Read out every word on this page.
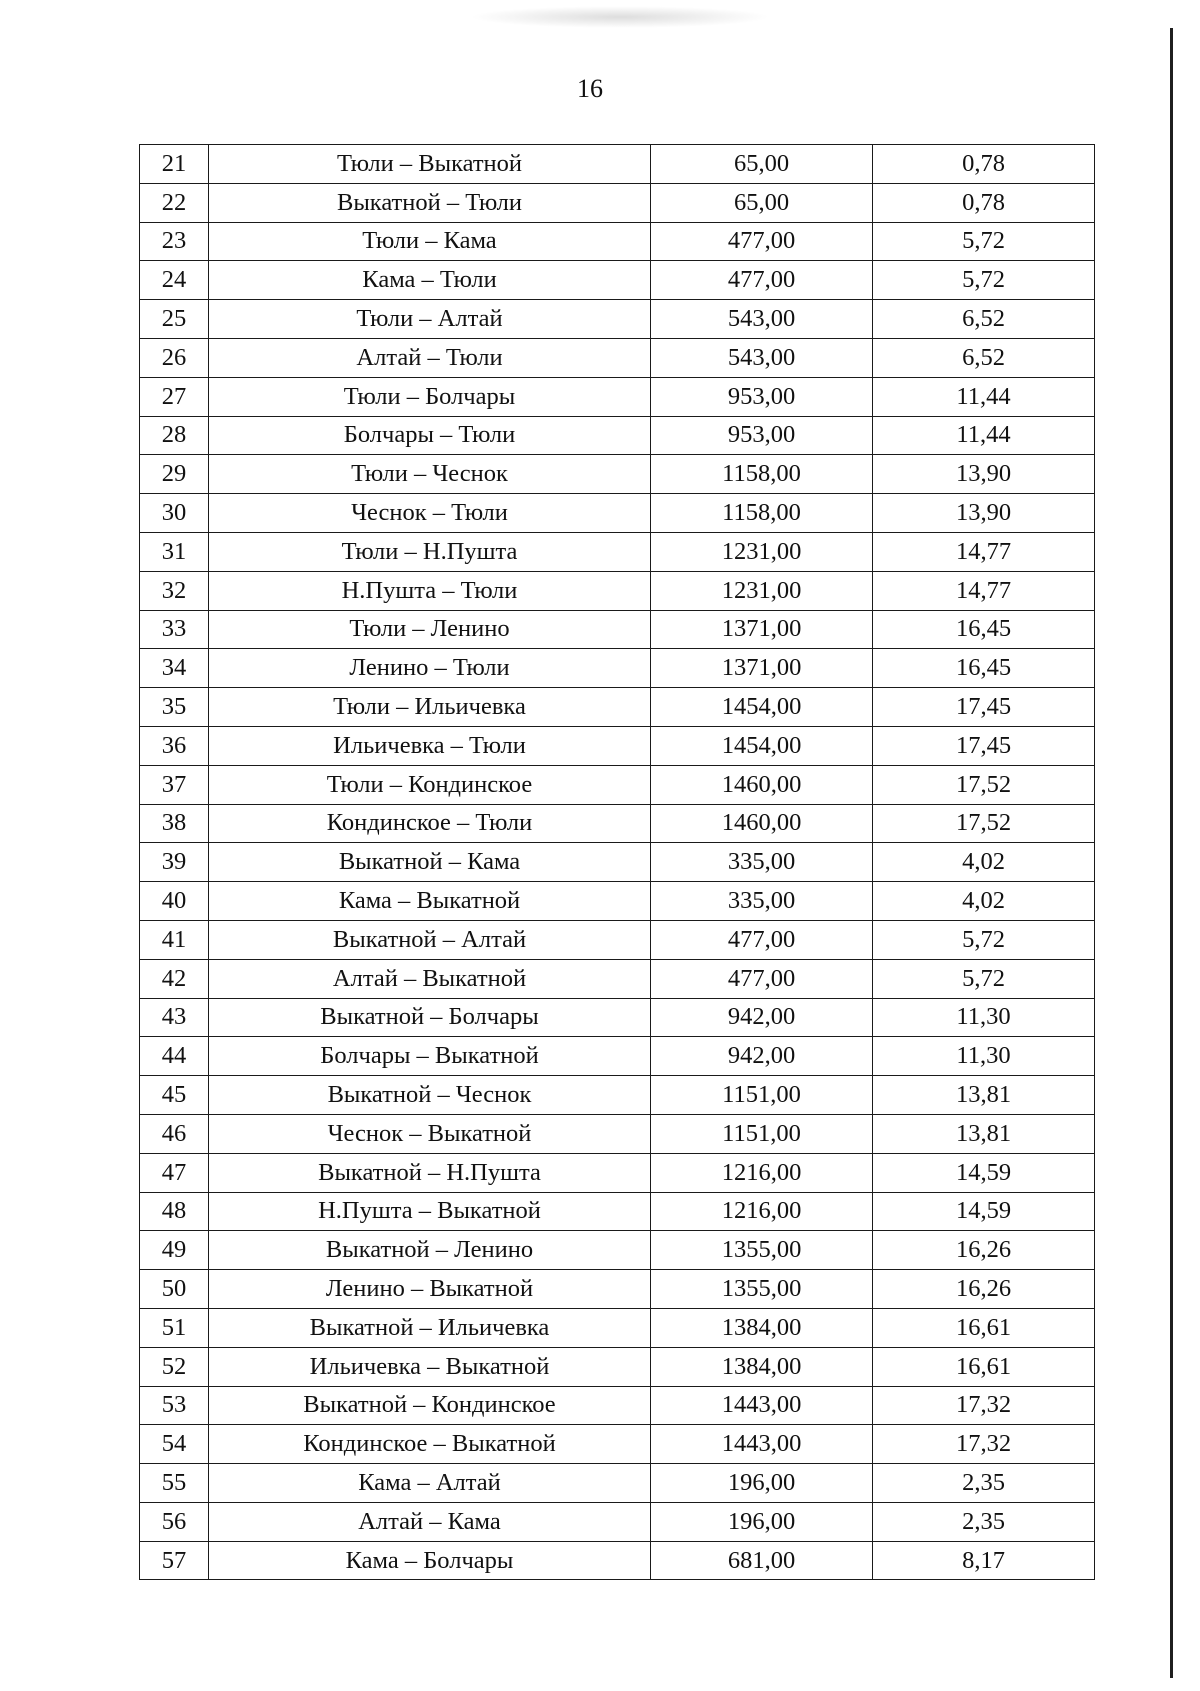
16
21	Тюли – Выкатной	65,00	0,78
22	Выкатной – Тюли	65,00	0,78
23	Тюли – Кама	477,00	5,72
24	Кама – Тюли	477,00	5,72
25	Тюли – Алтай	543,00	6,52
26	Алтай – Тюли	543,00	6,52
27	Тюли – Болчары	953,00	11,44
28	Болчары – Тюли	953,00	11,44
29	Тюли – Чеснок	1158,00	13,90
30	Чеснок – Тюли	1158,00	13,90
31	Тюли – Н.Пушта	1231,00	14,77
32	Н.Пушта – Тюли	1231,00	14,77
33	Тюли – Ленино	1371,00	16,45
34	Ленино – Тюли	1371,00	16,45
35	Тюли – Ильичевка	1454,00	17,45
36	Ильичевка – Тюли	1454,00	17,45
37	Тюли – Кондинское	1460,00	17,52
38	Кондинское – Тюли	1460,00	17,52
39	Выкатной – Кама	335,00	4,02
40	Кама – Выкатной	335,00	4,02
41	Выкатной – Алтай	477,00	5,72
42	Алтай – Выкатной	477,00	5,72
43	Выкатной – Болчары	942,00	11,30
44	Болчары – Выкатной	942,00	11,30
45	Выкатной – Чеснок	1151,00	13,81
46	Чеснок – Выкатной	1151,00	13,81
47	Выкатной – Н.Пушта	1216,00	14,59
48	Н.Пушта – Выкатной	1216,00	14,59
49	Выкатной – Ленино	1355,00	16,26
50	Ленино – Выкатной	1355,00	16,26
51	Выкатной – Ильичевка	1384,00	16,61
52	Ильичевка – Выкатной	1384,00	16,61
53	Выкатной – Кондинское	1443,00	17,32
54	Кондинское – Выкатной	1443,00	17,32
55	Кама – Алтай	196,00	2,35
56	Алтай – Кама	196,00	2,35
57	Кама – Болчары	681,00	8,17
